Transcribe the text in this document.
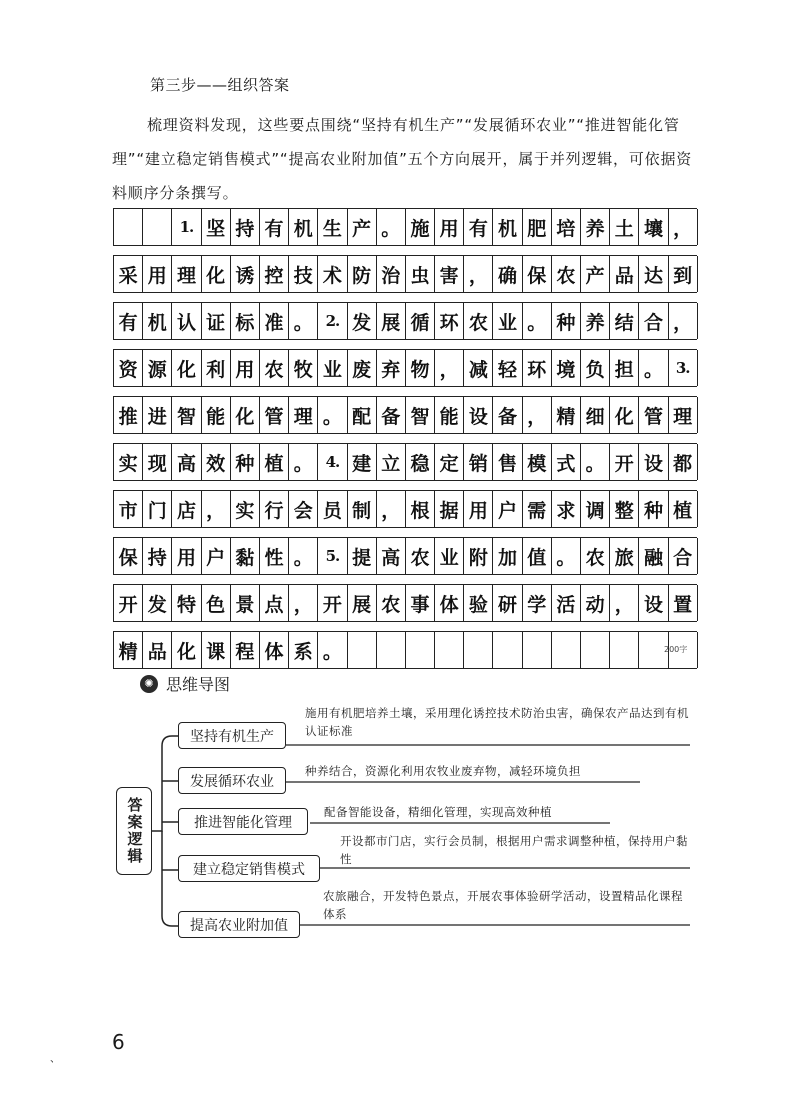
第三步——组织答案

梳理资料发现，这些要点围绕“坚持有机生产”“发展循环农业”“推进智能化管理”“建立稳定销售模式”“提高农业附加值”五个方向展开，属于并列逻辑，可依据资料顺序分条撰写。

1. 坚 持 有 机 生 产 。 施 用 有 机 肥 培 养 土 壤 ，
采 用 理 化 诱 控 技 术 防 治 虫 害 ， 确 保 农 产 品 达 到
有 机 认 证 标 准 。 2. 发 展 循 环 农 业 。 种 养 结 合 ，
资 源 化 利 用 农 牧 业 废 弃 物 ， 减 轻 环 境 负 担 。 3.
推 进 智 能 化 管 理 。 配 备 智 能 设 备 ， 精 细 化 管 理
实 现 高 效 种 植 。 4. 建 立 稳 定 销 售 模 式 。 开 设 都
市 门 店 ， 实 行 会 员 制 ， 根 据 用 户 需 求 调 整 种 植
保 持 用 户 黏 性 。 5. 提 高 农 业 附 加 值 。 农 旅 融 合
开 发 特 色 景 点 ， 开 展 农 事 体 验 研 学 活 动 ， 设 置
精 品 化 课 程 体 系 。	200字
✺ 思维导图
答案逻辑
坚持有机生产
施用有机肥培养土壤，采用理化诱控技术防治虫害，确保农产品达到有机认证标准
发展循环农业
种养结合，资源化利用农牧业废弃物，减轻环境负担
推进智能化管理
配备智能设备，精细化管理，实现高效种植
建立稳定销售模式
开设都市门店，实行会员制，根据用户需求调整种植，保持用户黏性
提高农业附加值
农旅融合，开发特色景点，开展农事体验研学活动，设置精品化课程体系
6
、
